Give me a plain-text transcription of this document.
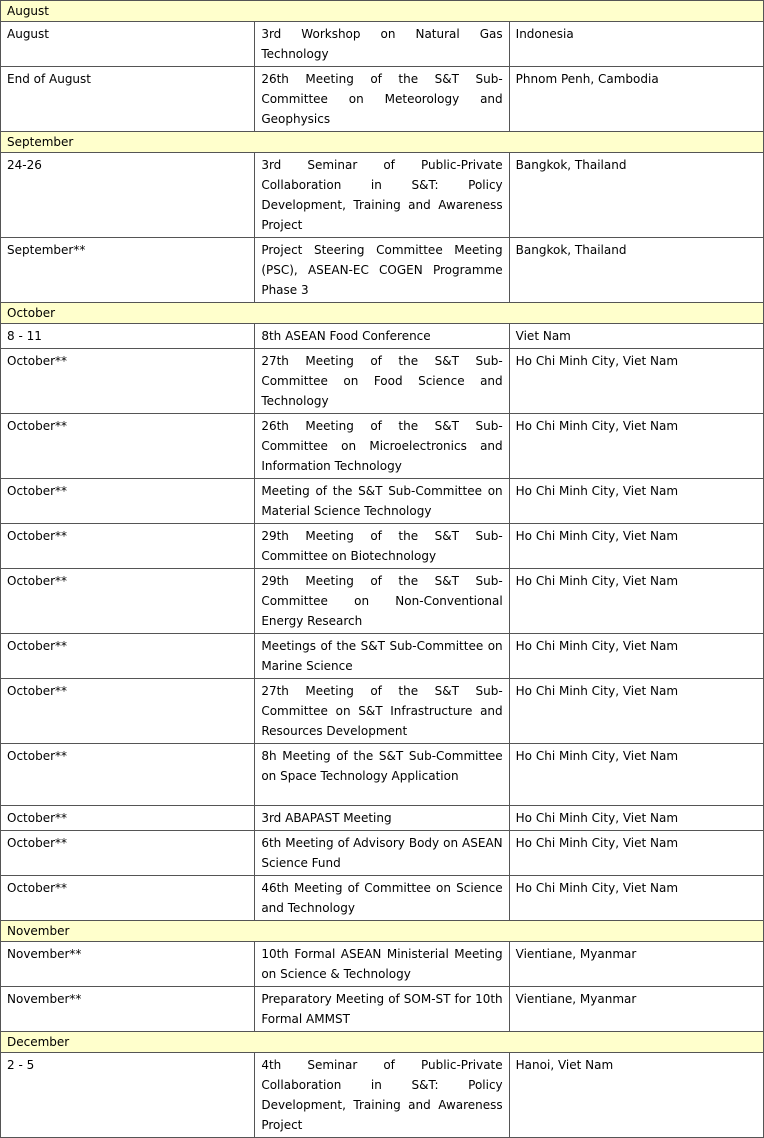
August		
August	3rd Workshop on Natural Gas Technology	Indonesia
End of August	26th Meeting of the S&T Sub-Committee on Meteorology and Geophysics	Phnom Penh, Cambodia
September		
24-26	3rd Seminar of Public-Private Collaboration in S&T: Policy Development, Training and Awareness Project	Bangkok, Thailand
September**	Project Steering Committee Meeting (PSC), ASEAN-EC COGEN Programme Phase 3	Bangkok, Thailand
October		
8 - 11	8th ASEAN Food Conference	Viet Nam
October**	27th Meeting of the S&T Sub-Committee on Food Science and Technology	Ho Chi Minh City, Viet Nam
October**	26th Meeting of the S&T Sub-Committee on Microelectronics and Information Technology	Ho Chi Minh City, Viet Nam
October**	Meeting of the S&T Sub-Committee on Material Science Technology	Ho Chi Minh City, Viet Nam
October**	29th Meeting of the S&T Sub-Committee on Biotechnology	Ho Chi Minh City, Viet Nam
October**	29th Meeting of the S&T Sub-Committee on Non-Conventional Energy Research	Ho Chi Minh City, Viet Nam
October**	Meetings of the S&T Sub-Committee on Marine Science	Ho Chi Minh City, Viet Nam
October**	27th Meeting of the S&T Sub-Committee on S&T Infrastructure and Resources Development	Ho Chi Minh City, Viet Nam
October**	8h Meeting of the S&T Sub-Committee on Space Technology Application	Ho Chi Minh City, Viet Nam
October**	3rd ABAPAST Meeting	Ho Chi Minh City, Viet Nam
October**	6th Meeting of Advisory Body on ASEAN Science Fund	Ho Chi Minh City, Viet Nam
October**	46th Meeting of Committee on Science and Technology	Ho Chi Minh City, Viet Nam
November		
November**	10th Formal ASEAN Ministerial Meeting on Science & Technology	Vientiane, Myanmar
November**	Preparatory Meeting of SOM-ST for 10th Formal AMMST	Vientiane, Myanmar
December		
2 - 5	4th Seminar of Public-Private Collaboration in S&T: Policy Development, Training and Awareness Project	Hanoi, Viet Nam
